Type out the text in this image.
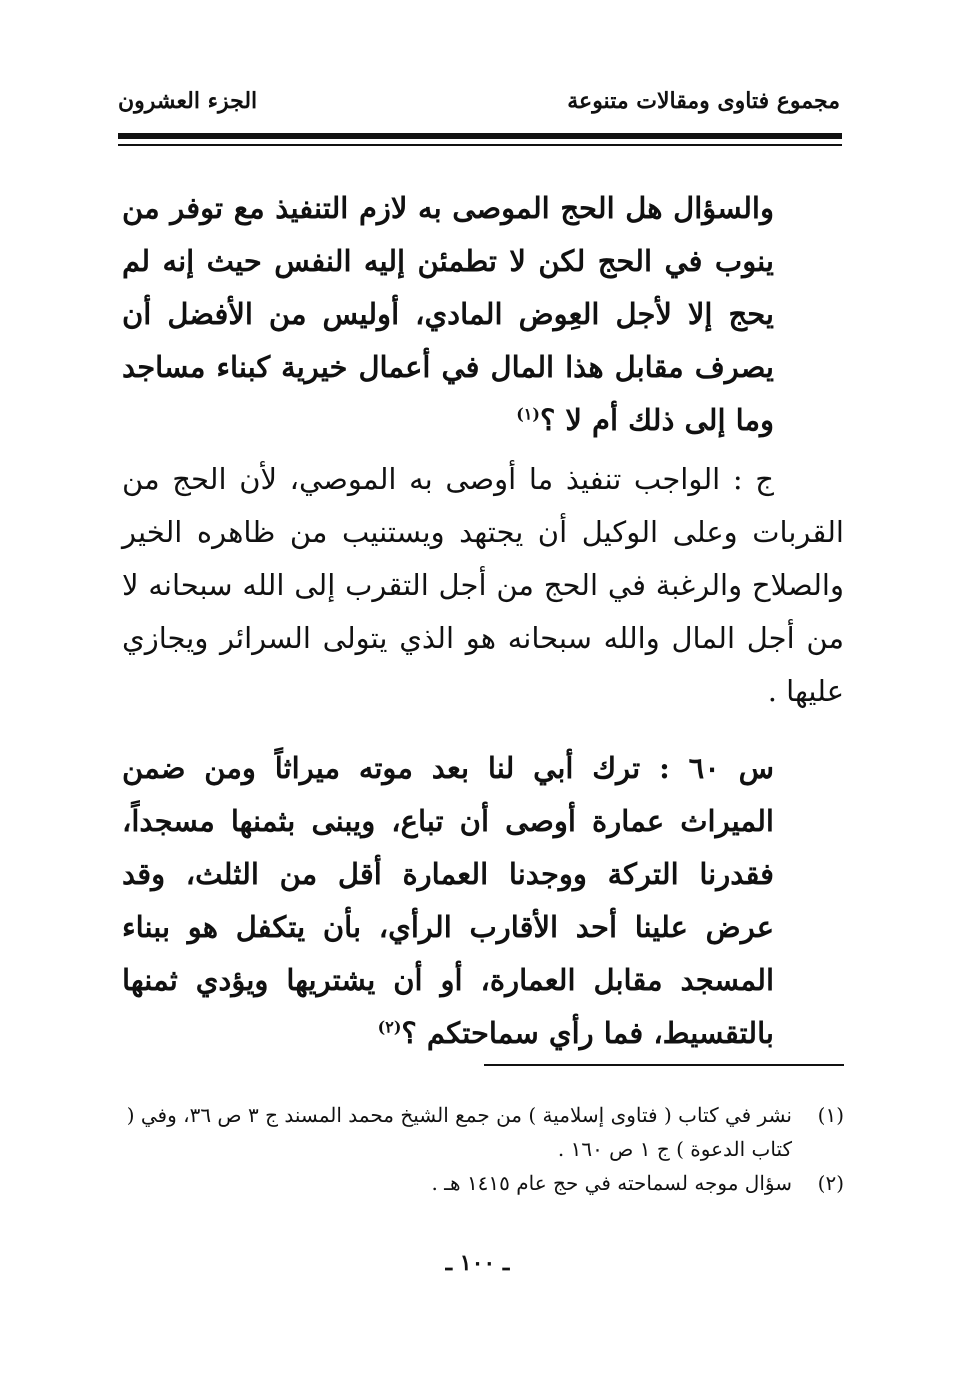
مجموع فتاوى ومقالات متنوعة
الجزء العشرون

والسؤال هل الحج الموصى به لازم التنفيذ مع توفر من ينوب في الحج لكن لا تطمئن إليه النفس حيث إنه لم يحج إلا لأجل العِوض المادي، أوليس من الأفضل أن يصرف مقابل هذا المال في أعمال خيرية كبناء مساجد وما إلى ذلك أم لا ؟$^{(١)}$

ج : الواجب تنفيذ ما أوصى به الموصي، لأن الحج من القربات وعلى الوكيل أن يجتهد ويستنيب من ظاهره الخير والصلاح والرغبة في الحج من أجل التقرب إلى الله سبحانه لا من أجل المال والله سبحانه هو الذي يتولى السرائر ويجازي عليها .

س ٦٠ : ترك أبي لنا بعد موته ميراثاً ومن ضمن الميراث عمارة أوصى أن تباع، ويبنى بثمنها مسجداً، فقدرنا التركة ووجدنا العمارة أقل من الثلث، وقد عرض علينا أحد الأقارب الرأي، بأن يتكفل هو ببناء المسجد مقابل العمارة، أو أن يشتريها ويؤدي ثمنها بالتقسيط، فما رأي سماحتكم ؟$^{(٢)}$

(١)
نشر في كتاب ( فتاوى إسلامية ) من جمع الشيخ محمد المسند ج ٣ ص ٣٦، وفي ( كتاب الدعوة ) ج ١ ص ١٦٠ .

(٢)
سؤال موجه لسماحته في حج عام ١٤١٥ هـ .

ـ ١٠٠ ـ
